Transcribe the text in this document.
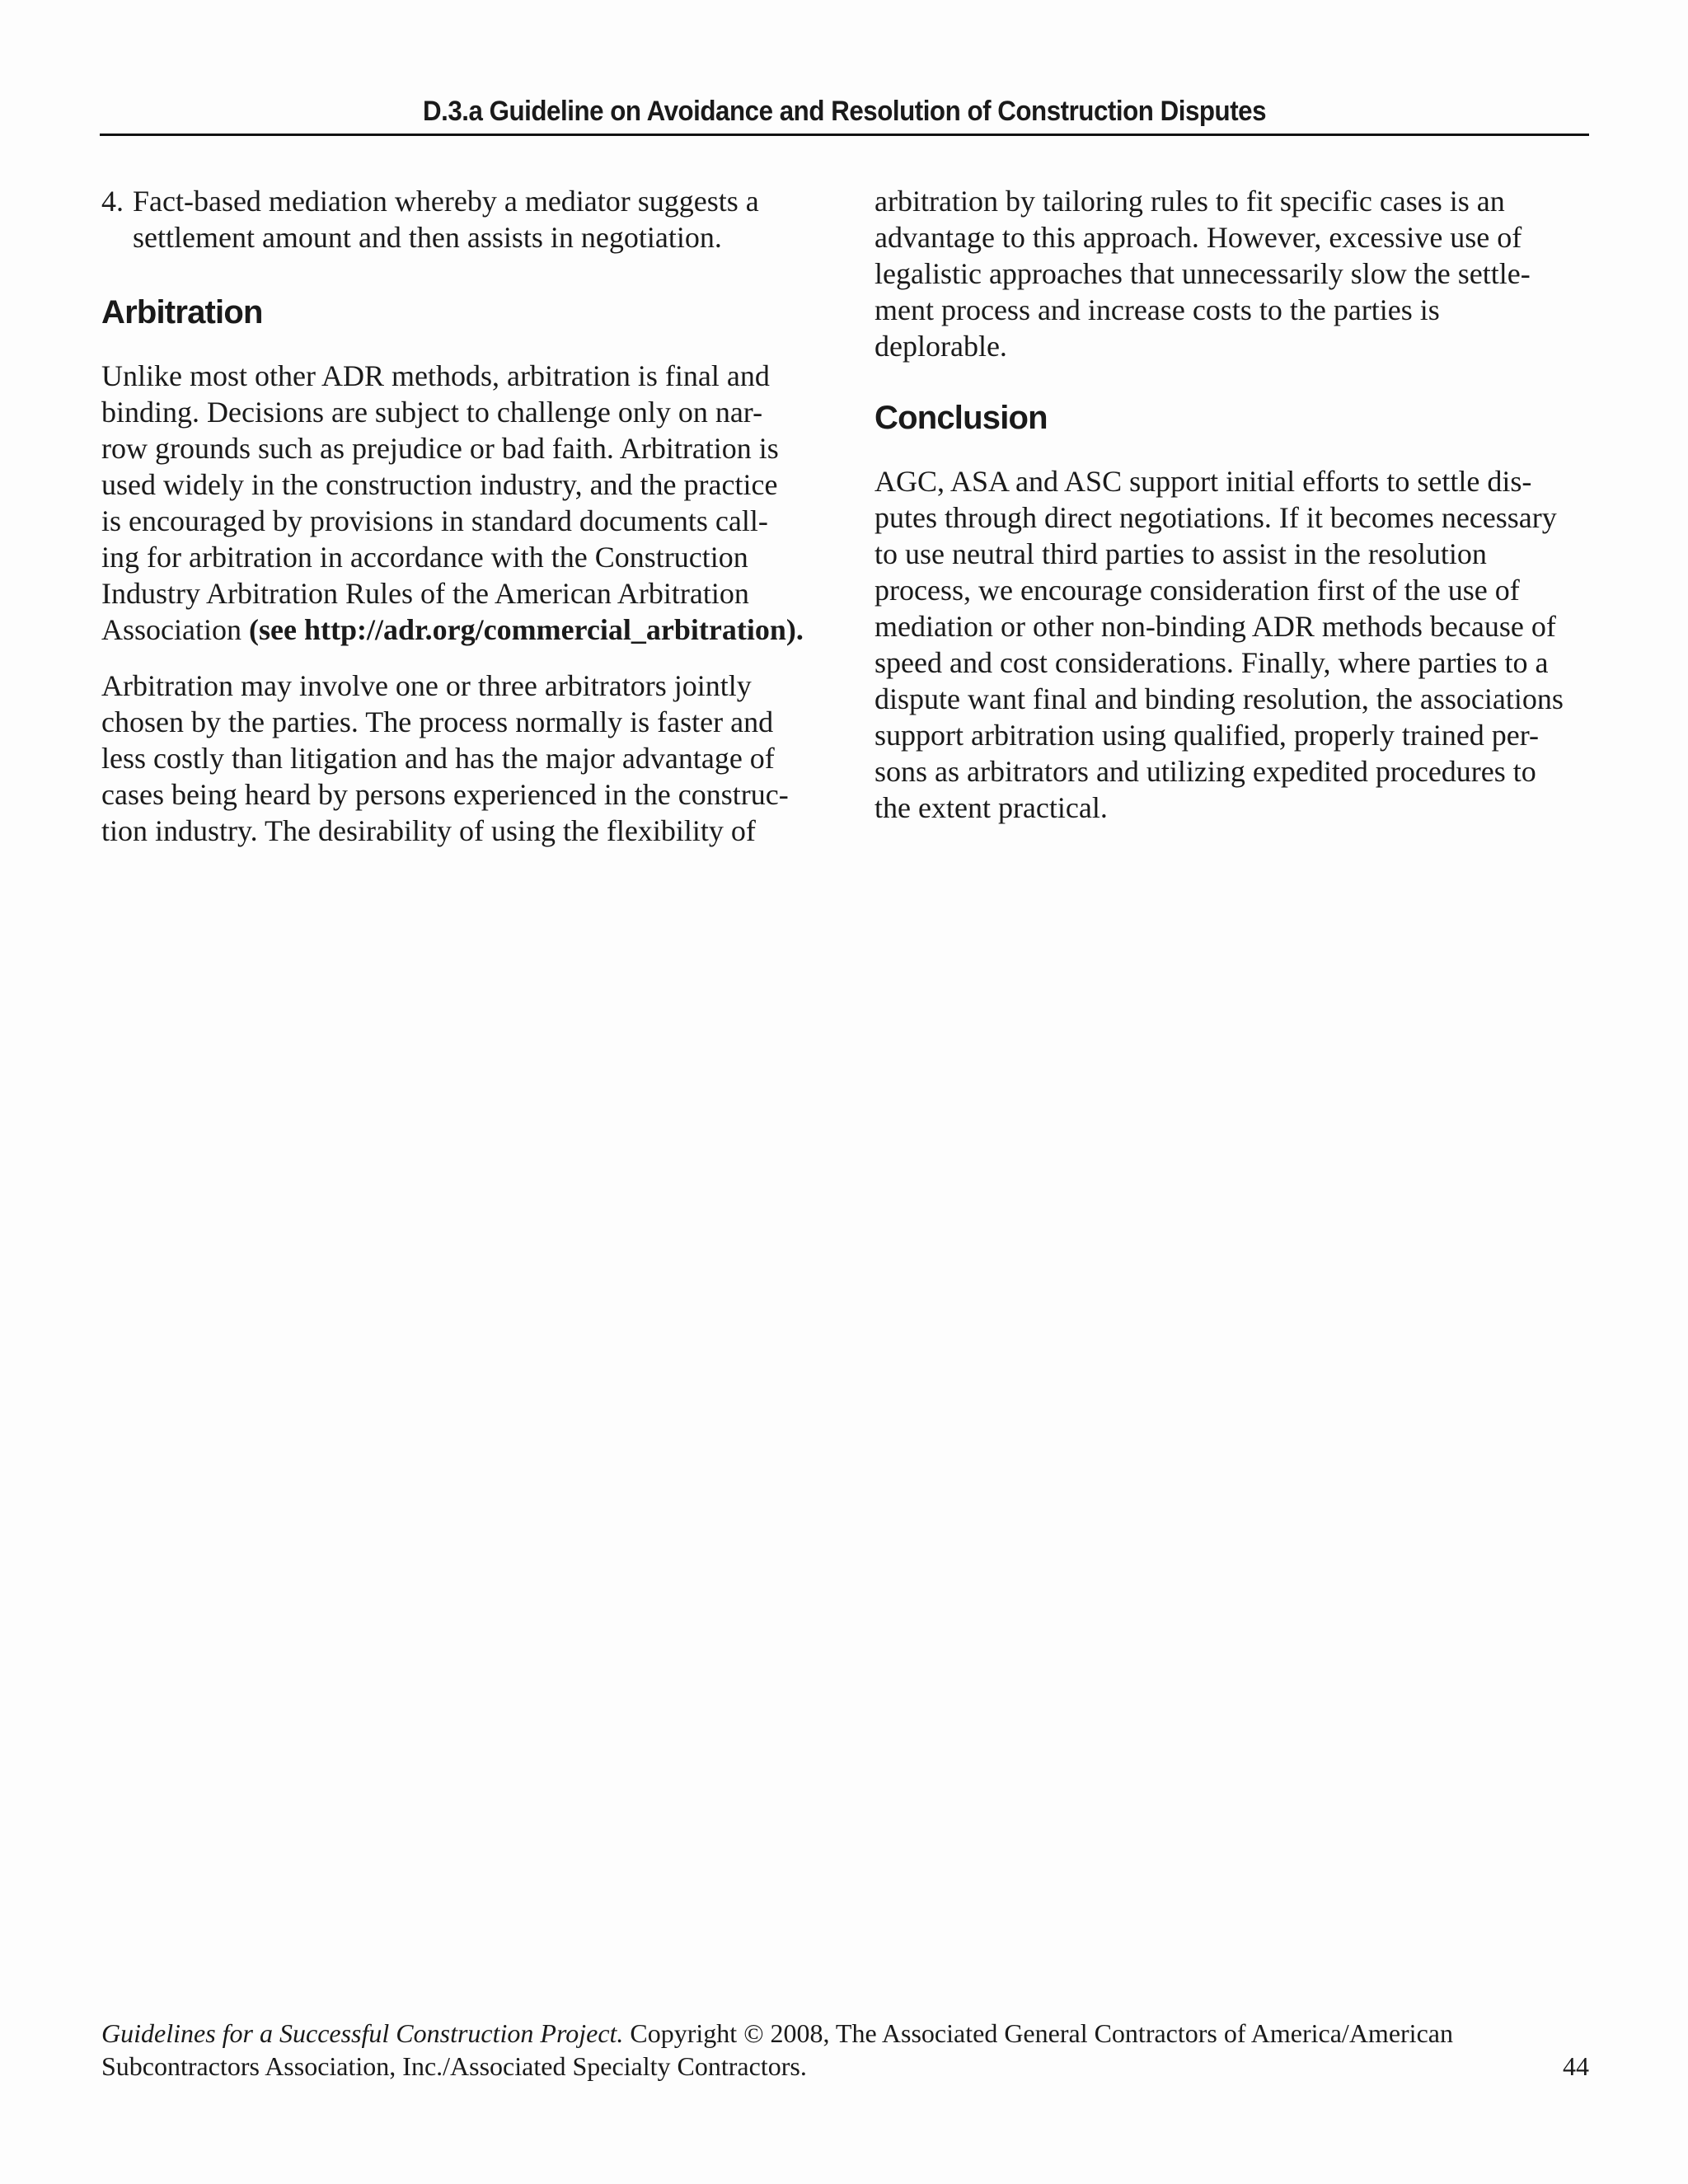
D.3.a Guideline on Avoidance and Resolution of Construction Disputes
4. Fact-based mediation whereby a mediator suggests a
settlement amount and then assists in negotiation.
Arbitration
Unlike most other ADR methods, arbitration is final and
binding. Decisions are subject to challenge only on nar-
row grounds such as prejudice or bad faith. Arbitration is
used widely in the construction industry, and the practice
is encouraged by provisions in standard documents call-
ing for arbitration in accordance with the Construction
Industry Arbitration Rules of the American Arbitration
Association (see http://adr.org/commercial_arbitration).
Arbitration may involve one or three arbitrators jointly
chosen by the parties. The process normally is faster and
less costly than litigation and has the major advantage of
cases being heard by persons experienced in the construc-
tion industry. The desirability of using the flexibility of
arbitration by tailoring rules to fit specific cases is an
advantage to this approach. However, excessive use of
legalistic approaches that unnecessarily slow the settle-
ment process and increase costs to the parties is
deplorable.
Conclusion
AGC, ASA and ASC support initial efforts to settle dis-
putes through direct negotiations. If it becomes necessary
to use neutral third parties to assist in the resolution
process, we encourage consideration first of the use of
mediation or other non-binding ADR methods because of
speed and cost considerations. Finally, where parties to a
dispute want final and binding resolution, the associations
support arbitration using qualified, properly trained per-
sons as arbitrators and utilizing expedited procedures to
the extent practical.
Guidelines for a Successful Construction Project. Copyright © 2008, The Associated General Contractors of America/American
Subcontractors Association, Inc./Associated Specialty Contractors.	44
